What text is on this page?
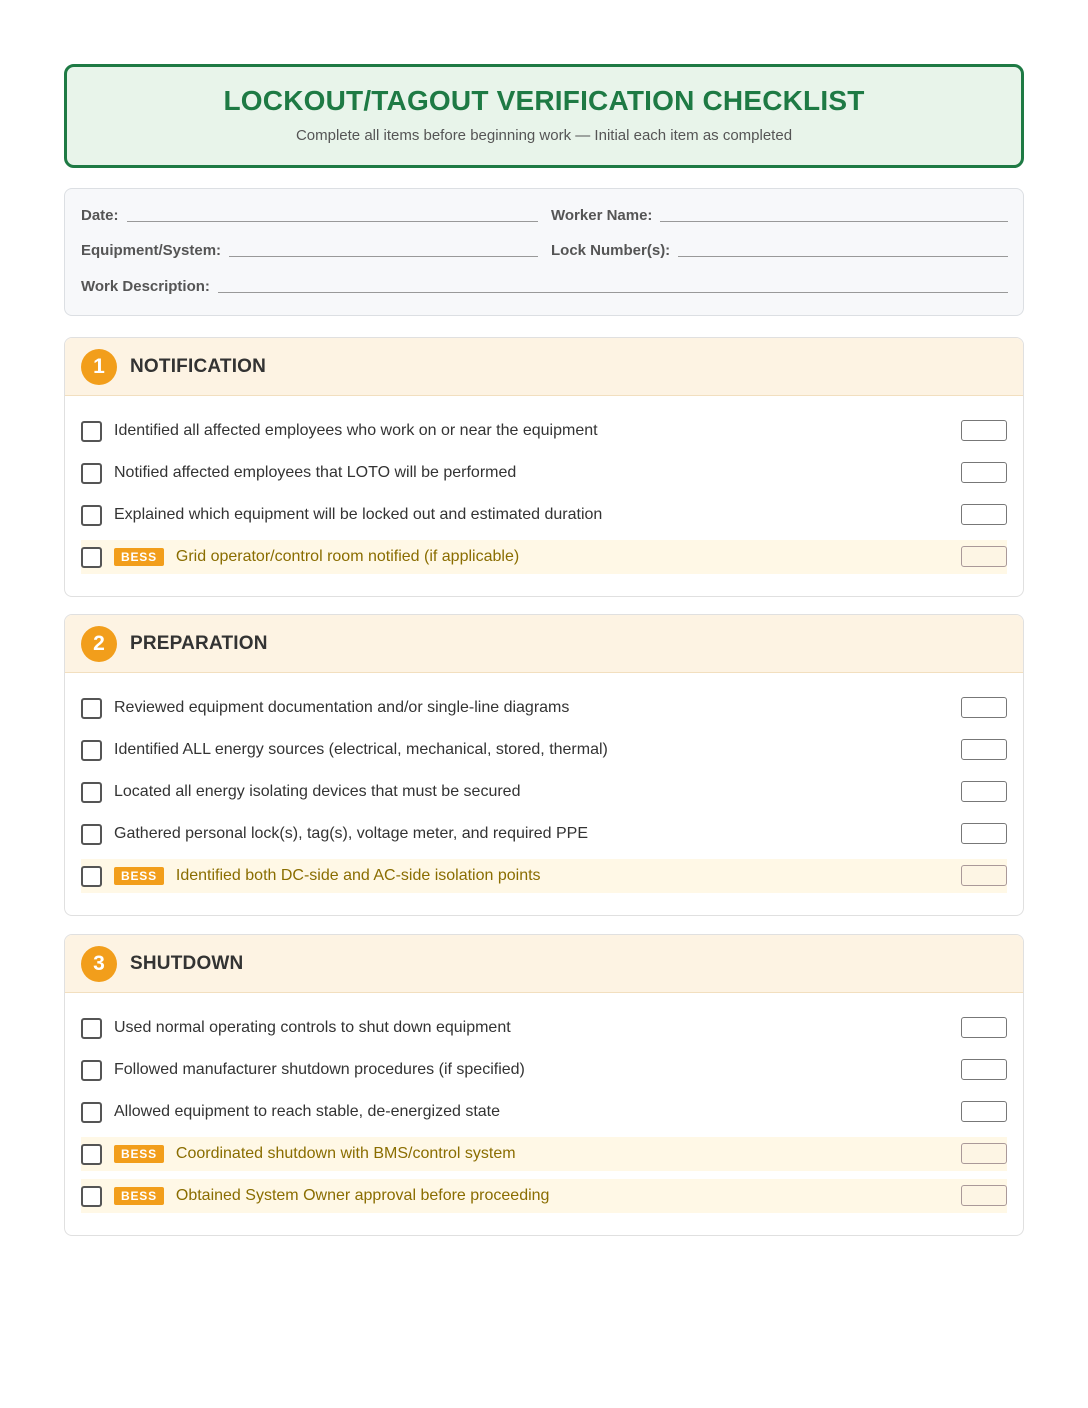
LOCKOUT/TAGOUT VERIFICATION CHECKLIST
Complete all items before beginning work — Initial each item as completed
Date:	Worker Name:
Equipment/System:	Lock Number(s):
Work Description:
1	NOTIFICATION
Identified all affected employees who work on or near the equipment
Notified affected employees that LOTO will be performed
Explained which equipment will be locked out and estimated duration
BESS	Grid operator/control room notified (if applicable)
2	PREPARATION
Reviewed equipment documentation and/or single-line diagrams
Identified ALL energy sources (electrical, mechanical, stored, thermal)
Located all energy isolating devices that must be secured
Gathered personal lock(s), tag(s), voltage meter, and required PPE
BESS	Identified both DC-side and AC-side isolation points
3	SHUTDOWN
Used normal operating controls to shut down equipment
Followed manufacturer shutdown procedures (if specified)
Allowed equipment to reach stable, de-energized state
BESS	Coordinated shutdown with BMS/control system
BESS	Obtained System Owner approval before proceeding
